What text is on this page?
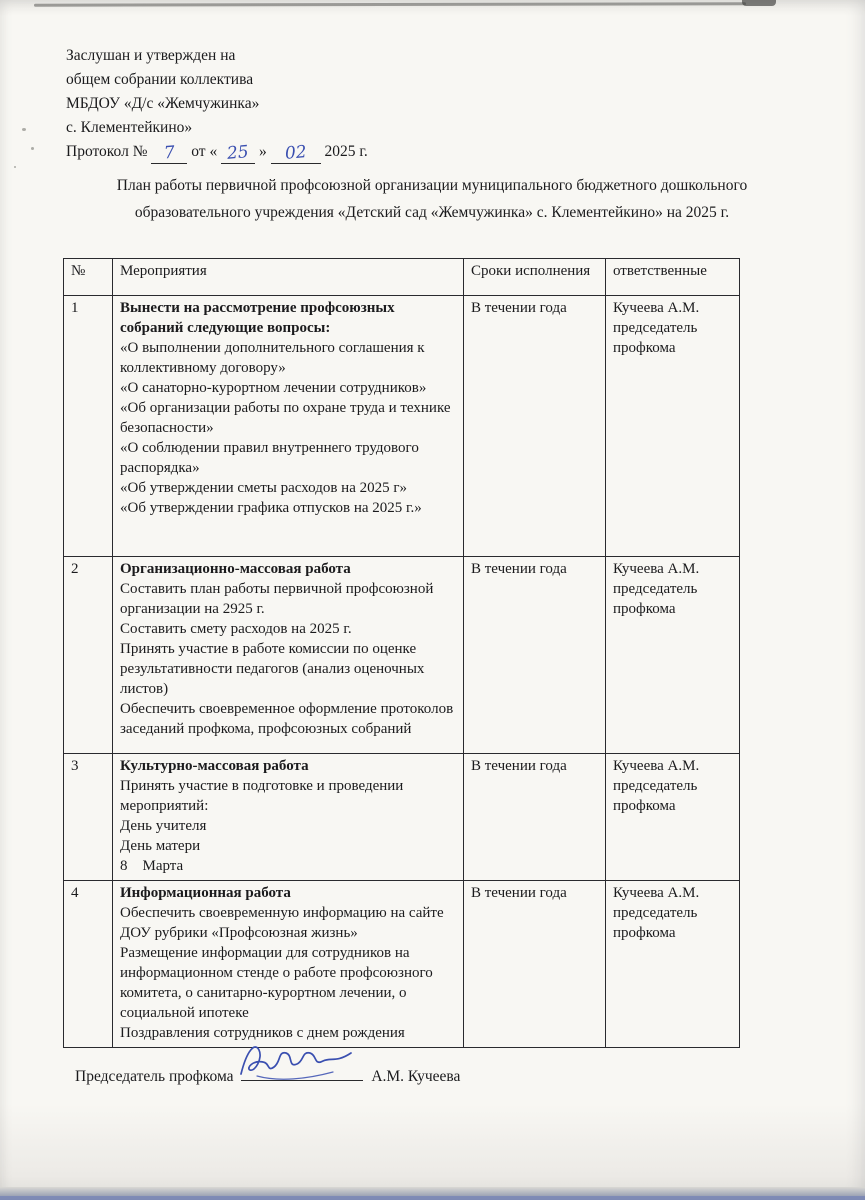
Заслушан и утвержден на
общем собрании коллектива
МБДОУ «Д/с «Жемчужинка»
с. Клементейкино»
Протокол № 7 от « 25 » 02 2025 г.
План работы первичной профсоюзной организации муниципального бюджетного дошкольного образовательного учреждения «Детский сад «Жемчужинка» с. Клементейкино» на 2025 г.
№	Мероприятия	Сроки исполнения	ответственные
1	Вынести на рассмотрение профсоюзных собраний следующие вопросы:
«О выполнении дополнительного соглашения к коллективному договору»
«О санаторно-курортном лечении сотрудников»
«Об организации работы по охране труда и технике безопасности»
«О соблюдении правил внутреннего трудового распорядка»
«Об утверждении сметы расходов на 2025 г»
«Об утверждении графика отпусков на 2025 г.»
	В течении года	Кучеева А.М. председатель профкома
2	Организационно-массовая работа
Составить план работы первичной профсоюзной организации на 2925 г.
Составить смету расходов на 2025 г.
Принять участие в работе комиссии по оценке результативности педагогов (анализ оценочных листов)
Обеспечить своевременное оформление протоколов заседаний профкома, профсоюзных собраний	В течении года	Кучеева А.М. председатель профкома
3	Культурно-массовая работа
Принять участие в подготовке и проведении мероприятий:
День учителя
День матери
8    Марта	В течении года	Кучеева А.М. председатель профкома
4	Информационная работа
Обеспечить своевременную информацию на сайте ДОУ рубрики «Профсоюзная жизнь»
Размещение информации для сотрудников на информационном стенде о работе профсоюзного комитета, о санитарно-курортном лечении, о социальной ипотеке
Поздравления сотрудников с днем рождения	В течении года	Кучеева А.М. председатель профкома
Председатель профкома	А.М. Кучеева
